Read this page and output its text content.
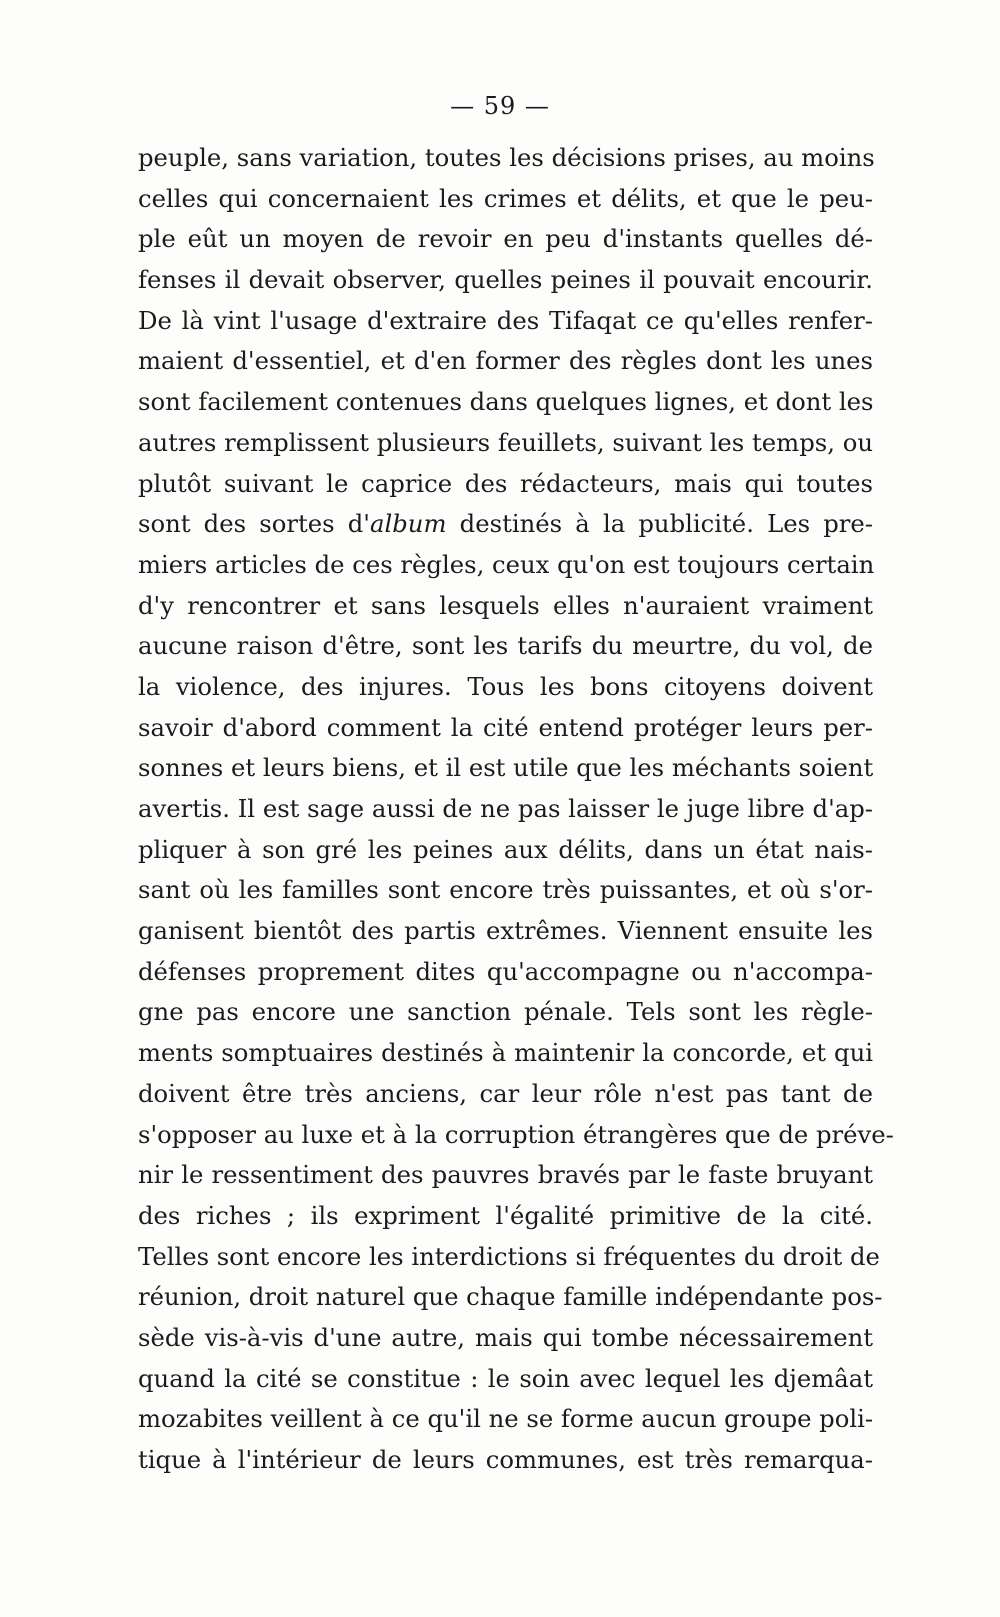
— 59 —
peuple, sans variation, toutes les décisions prises, au moins
celles qui concernaient les crimes et délits, et que le peu-
ple eût un moyen de revoir en peu d'instants quelles dé-
fenses il devait observer, quelles peines il pouvait encourir.
De là vint l'usage d'extraire des Tifaqat ce qu'elles renfer-
maient d'essentiel, et d'en former des règles dont les unes
sont facilement contenues dans quelques lignes, et dont les
autres remplissent plusieurs feuillets, suivant les temps, ou
plutôt suivant le caprice des rédacteurs, mais qui toutes
sont des sortes d'album destinés à la publicité. Les pre-
miers articles de ces règles, ceux qu'on est toujours certain
d'y rencontrer et sans lesquels elles n'auraient vraiment
aucune raison d'être, sont les tarifs du meurtre, du vol, de
la violence, des injures. Tous les bons citoyens doivent
savoir d'abord comment la cité entend protéger leurs per-
sonnes et leurs biens, et il est utile que les méchants soient
avertis. Il est sage aussi de ne pas laisser le juge libre d'ap-
pliquer à son gré les peines aux délits, dans un état nais-
sant où les familles sont encore très puissantes, et où s'or-
ganisent bientôt des partis extrêmes. Viennent ensuite les
défenses proprement dites qu'accompagne ou n'accompa-
gne pas encore une sanction pénale. Tels sont les règle-
ments somptuaires destinés à maintenir la concorde, et qui
doivent être très anciens, car leur rôle n'est pas tant de
s'opposer au luxe et à la corruption étrangères que de préve-
nir le ressentiment des pauvres bravés par le faste bruyant
des riches ; ils expriment l'égalité primitive de la cité.
Telles sont encore les interdictions si fréquentes du droit de
réunion, droit naturel que chaque famille indépendante pos-
sède vis-à-vis d'une autre, mais qui tombe nécessairement
quand la cité se constitue : le soin avec lequel les djemâat
mozabites veillent à ce qu'il ne se forme aucun groupe poli-
tique à l'intérieur de leurs communes, est très remarqua-
